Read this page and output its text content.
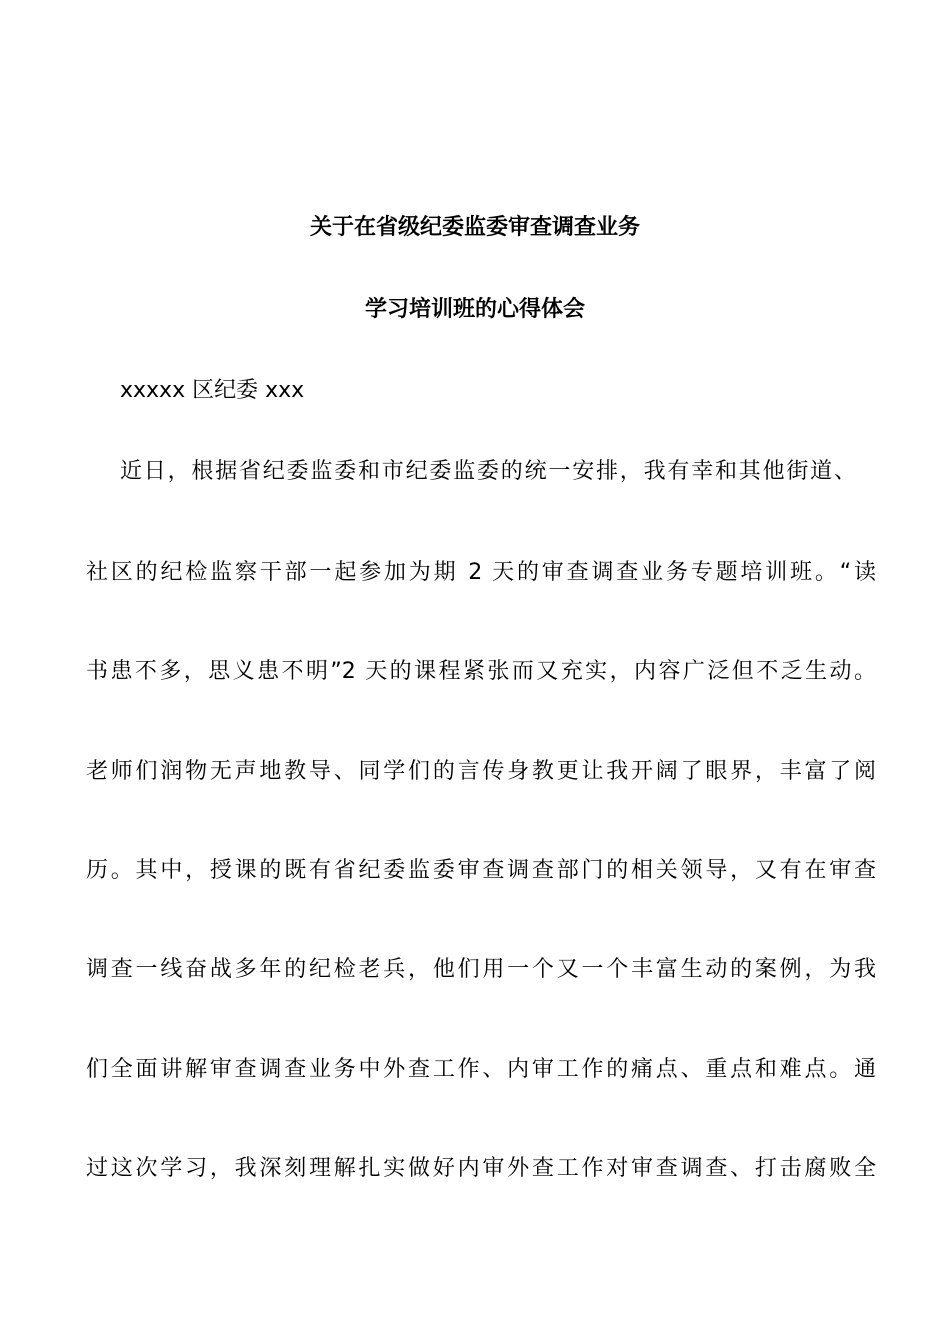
关于在省级纪委监委审查调查业务
学习培训班的心得体会
xxxxx 区纪委 xxx
近日，根据省纪委监委和市纪委监委的统一安排，我有幸和其他街道、
社区的纪检监察干部一起参加为期 2 天的审查调查业务专题培训班。“读
书患不多，思义患不明”2 天的课程紧张而又充实，内容广泛但不乏生动。
老师们润物无声地教导、同学们的言传身教更让我开阔了眼界，丰富了阅
历。其中，授课的既有省纪委监委审查调查部门的相关领导，又有在审查
调查一线奋战多年的纪检老兵，他们用一个又一个丰富生动的案例，为我
们全面讲解审查调查业务中外查工作、内审工作的痛点、重点和难点。通
过这次学习，我深刻理解扎实做好内审外查工作对审查调查、打击腐败全
